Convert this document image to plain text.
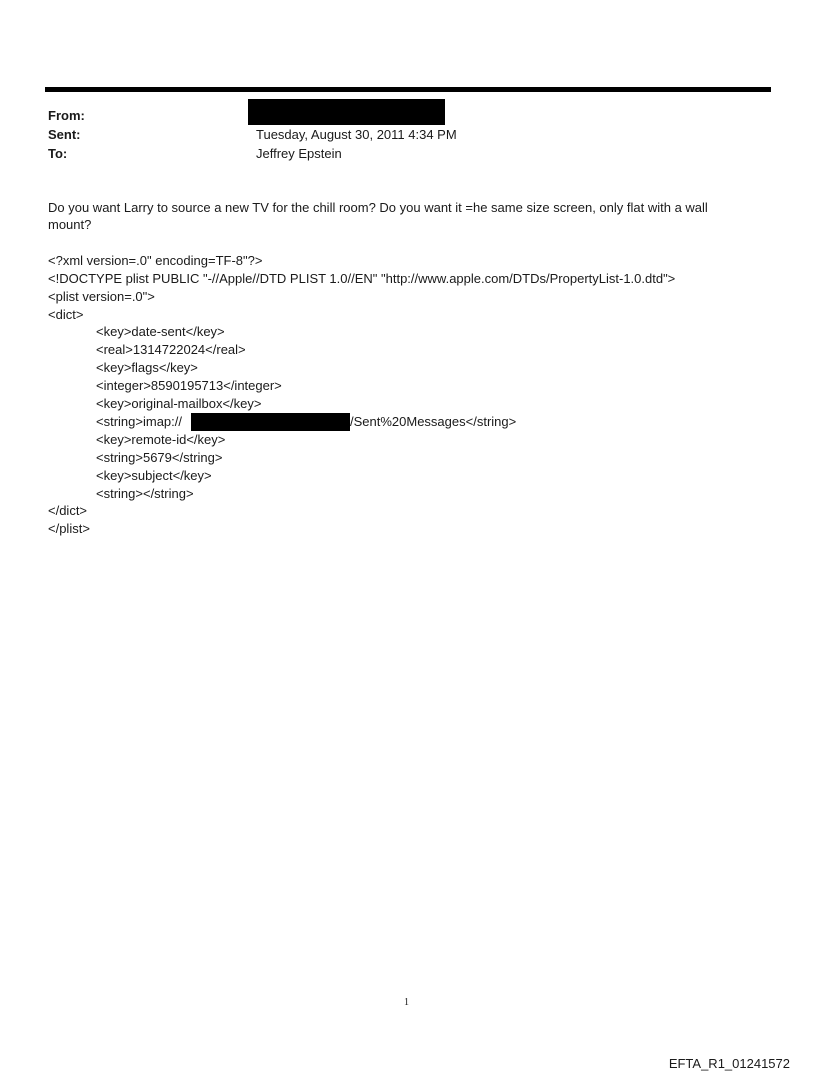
From:
Sent:	Tuesday, August 30, 2011 4:34 PM
To:	Jeffrey Epstein
Do you want Larry to source a new TV for the chill room? Do you want it =he same size screen, only flat with a wall mount?
<?xml version=.0" encoding=TF-8"?>
<!DOCTYPE plist PUBLIC "-//Apple//DTD PLIST 1.0//EN" "http://www.apple.com/DTDs/PropertyList-1.0.dtd">
<plist version=.0">
<dict>
<key>date-sent</key>
<real>1314722024</real>
<key>flags</key>
<integer>8590195713</integer>
<key>original-mailbox</key>
<string>imap://	/Sent%20Messages</string>
<key>remote-id</key>
<string>5679</string>
<key>subject</key>
<string></string>
</dict>
</plist>
1
EFTA_R1_01241572
